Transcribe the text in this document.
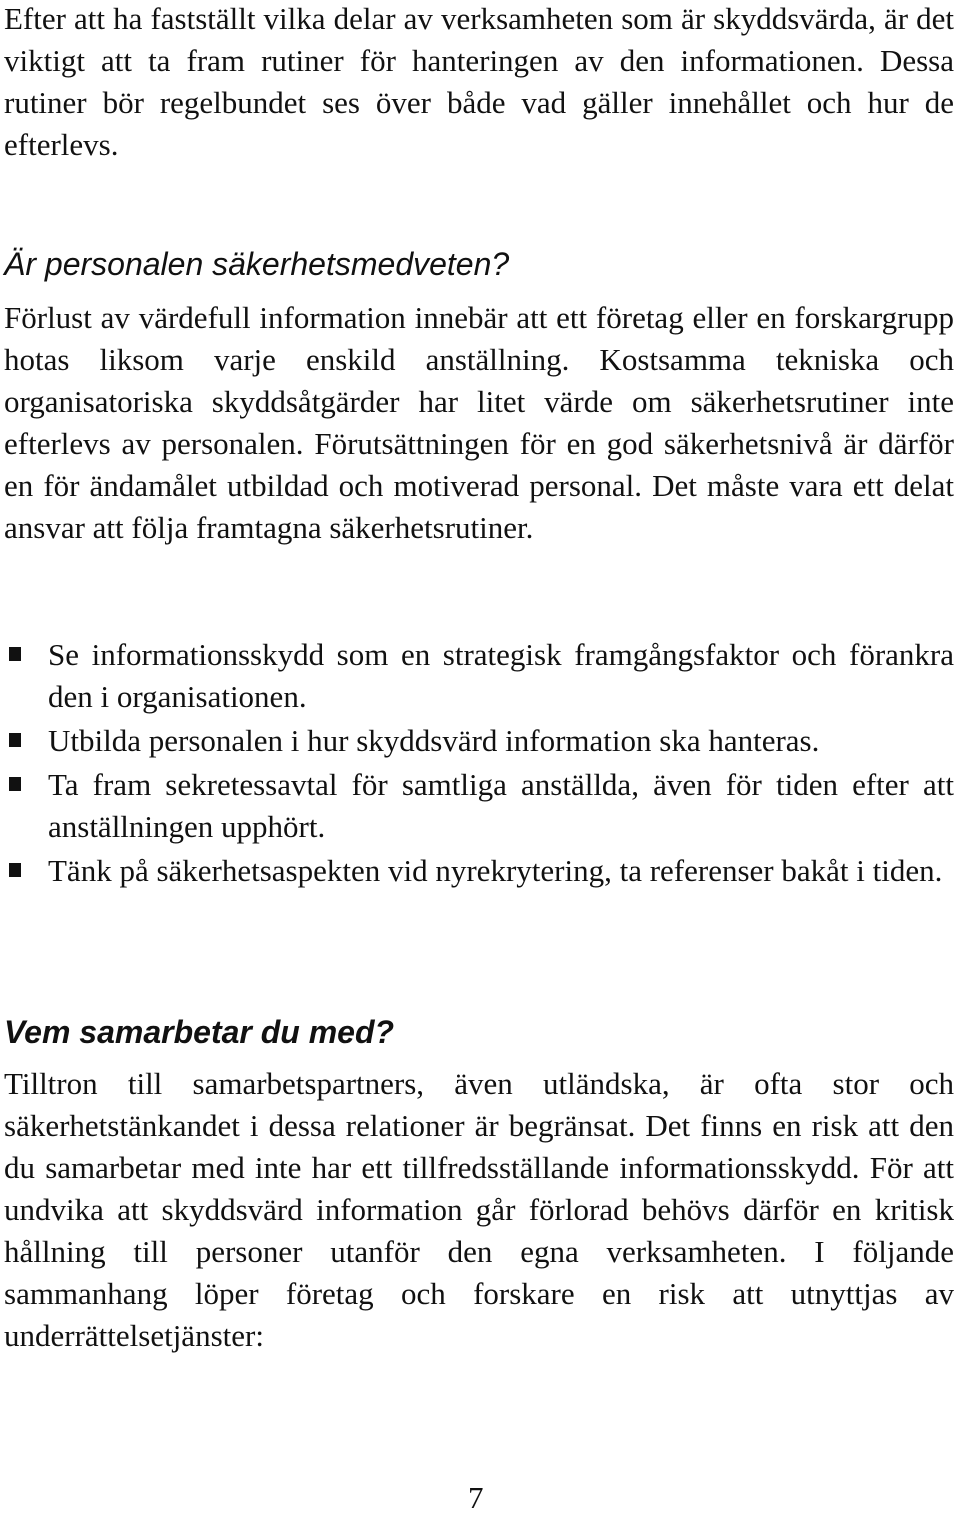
Efter att ha fastställt vilka delar av verksamheten som är skyddsvärda, är det viktigt att ta fram rutiner för hanteringen av den informationen. Dessa rutiner bör regelbundet ses över både vad gäller innehållet och hur de efterlevs.

Är personalen säkerhetsmedveten?

Förlust av värdefull information innebär att ett företag eller en forskargrupp hotas liksom varje enskild anställning. Kostsamma tekniska och organisatoriska skyddsåtgärder har litet värde om säkerhetsrutiner inte efterlevs av personalen. Förutsättningen för en god säkerhetsnivå är därför en för ändamålet utbildad och motiverad personal. Det måste vara ett delat ansvar att följa framtagna säkerhetsrutiner.

Se informationsskydd som en strategisk framgångsfaktor och förankra den i organisationen.
Utbilda personalen i hur skyddsvärd information ska hanteras.
Ta fram sekretessavtal för samtliga anställda, även för tiden efter att anställningen upphört.
Tänk på säkerhetsaspekten vid nyrekrytering, ta referenser bakåt i tiden.
Vem samarbetar du med?

Tilltron till samarbetspartners, även utländska, är ofta stor och säkerhetstänkandet i dessa relationer är begränsat. Det finns en risk att den du samarbetar med inte har ett tillfredsställande informationsskydd. För att undvika att skyddsvärd information går förlorad behövs därför en kritisk hållning till personer utanför den egna verksamheten. I följande sammanhang löper företag och forskare en risk att utnyttjas av underrättelsetjänster:

7
